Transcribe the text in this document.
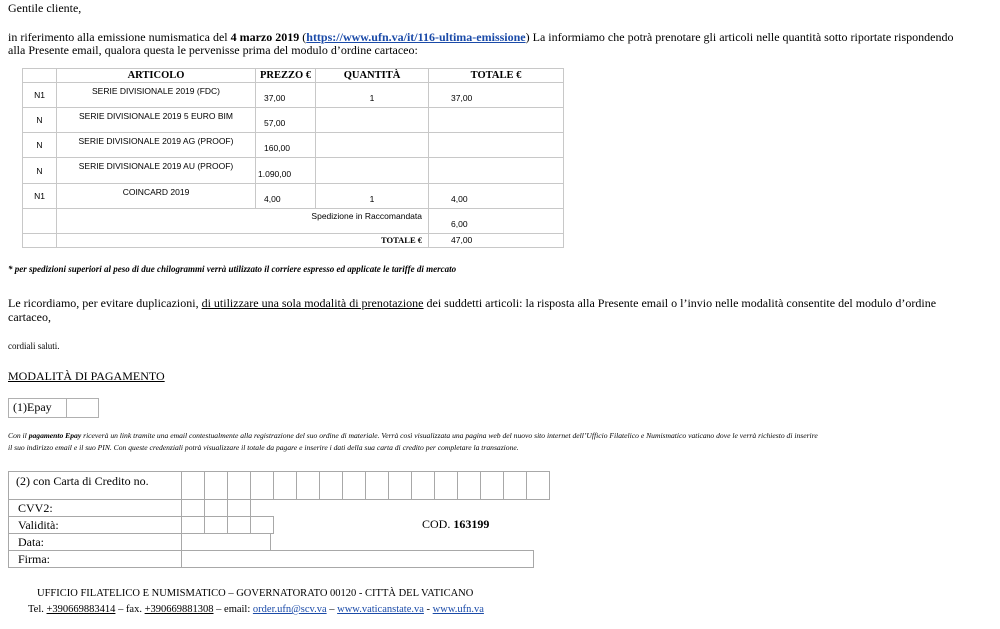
Gentile cliente,
in riferimento alla emissione numismatica del 4 marzo 2019 (https://www.ufn.va/it/116-ultima-emissione) La informiamo che potrà prenotare gli articoli nelle quantità sotto riportate rispondendo
alla Presente email, qualora questa le pervenisse prima del modulo d’ordine cartaceo:
	ARTICOLO	PREZZO €	QUANTITÀ	TOTALE €
N1	SERIE DIVISIONALE 2019 (FDC)	37,00	1	37,00
N	SERIE DIVISIONALE 2019 5 EURO BIM	57,00		
N	SERIE DIVISIONALE 2019 AG (PROOF)	160,00		
N	SERIE DIVISIONALE 2019 AU (PROOF)	1.090,00		
N1	COINCARD 2019	4,00	1	4,00
	Spedizione in Raccomandata			6,00
	TOTALE €			47,00
* per spedizioni superiori al peso di due chilogrammi verrà utilizzato il corriere espresso ed applicate le tariffe di mercato
Le ricordiamo, per evitare duplicazioni, di utilizzare una sola modalità di prenotazione dei suddetti articoli: la risposta alla Presente email o l’invio nelle modalità consentite del modulo d’ordine
cartaceo,
cordiali saluti.
MODALITÀ DI PAGAMENTO
(1)Epay
Con il pagamento Epay riceverà un link tramite una email contestualmente alla registrazione del suo ordine di materiale. Verrà così visualizzata una pagina web del nuovo sito internet dell’Ufficio Filatelico e Numismatico vaticano dove le verrà richiesto di inserire
il suo indirizzo email e il suo PIN. Con queste credenziali potrà visualizzare il totale da pagare e inserire i dati della sua carta di credito per completare la transazione.
(2) con Carta di Credito no.
CVV2:
Validità:
Data:
Firma:
COD. 163199
UFFICIO FILATELICO E NUMISMATICO – GOVERNATORATO 00120 - CITTÀ DEL VATICANO
Tel. +390669883414 – fax. +390669881308 – email: order.ufn@scv.va – www.vaticanstate.va - www.ufn.va
